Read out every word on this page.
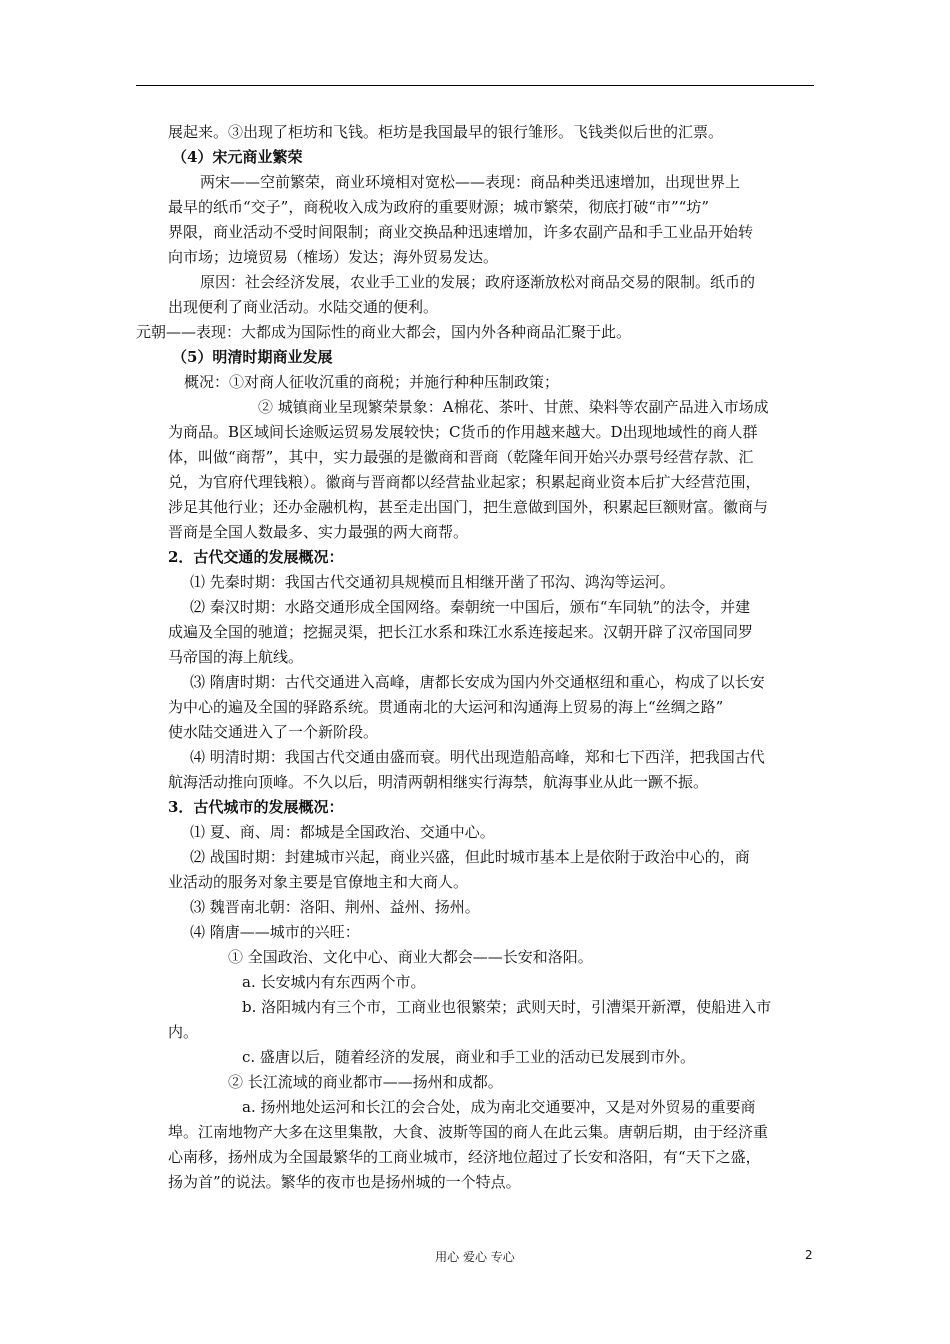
展起来。③出现了柜坊和飞钱。柜坊是我国最早的银行雏形。飞钱类似后世的汇票。
（4）宋元商业繁荣
两宋——空前繁荣，商业环境相对宽松——表现：商品种类迅速增加，出现世界上
最早的纸币“交子”，商税收入成为政府的重要财源；城市繁荣，彻底打破“市”“坊”
界限，商业活动不受时间限制；商业交换品种迅速增加，许多农副产品和手工业品开始转
向市场；边境贸易（榷场）发达；海外贸易发达。
原因：社会经济发展，农业手工业的发展；政府逐渐放松对商品交易的限制。纸币的
出现便利了商业活动。水陆交通的便利。
元朝——表现：大都成为国际性的商业大都会，国内外各种商品汇聚于此。
（5）明清时期商业发展
概况：①对商人征收沉重的商税；并施行种种压制政策；
② 城镇商业呈现繁荣景象：A棉花、茶叶、甘蔗、染料等农副产品进入市场成
为商品。B区域间长途贩运贸易发展较快；C货币的作用越来越大。D出现地域性的商人群
体，叫做“商帮”，其中，实力最强的是徽商和晋商（乾隆年间开始兴办票号经营存款、汇
兑，为官府代理钱粮）。徽商与晋商都以经营盐业起家；积累起商业资本后扩大经营范围，
涉足其他行业；还办金融机构，甚至走出国门，把生意做到国外，积累起巨额财富。徽商与
晋商是全国人数最多、实力最强的两大商帮。
2．古代交通的发展概况：
⑴ 先秦时期：我国古代交通初具规模而且相继开凿了邗沟、鸿沟等运河。
⑵ 秦汉时期：水路交通形成全国网络。秦朝统一中国后，颁布“车同轨”的法令，并建
成遍及全国的驰道；挖掘灵渠，把长江水系和珠江水系连接起来。汉朝开辟了汉帝国同罗
马帝国的海上航线。
⑶ 隋唐时期：古代交通进入高峰，唐都长安成为国内外交通枢纽和重心，构成了以长安
为中心的遍及全国的驿路系统。贯通南北的大运河和沟通海上贸易的海上“丝绸之路”
使水陆交通进入了一个新阶段。
⑷ 明清时期：我国古代交通由盛而衰。明代出现造船高峰，郑和七下西洋，把我国古代
航海活动推向顶峰。不久以后，明清两朝相继实行海禁，航海事业从此一蹶不振。
3．古代城市的发展概况：
⑴ 夏、商、周：都城是全国政治、交通中心。
⑵ 战国时期：封建城市兴起，商业兴盛，但此时城市基本上是依附于政治中心的，商
业活动的服务对象主要是官僚地主和大商人。
⑶ 魏晋南北朝：洛阳、荆州、益州、扬州。
⑷ 隋唐——城市的兴旺：
① 全国政治、文化中心、商业大都会——长安和洛阳。
a. 长安城内有东西两个市。
b. 洛阳城内有三个市，工商业也很繁荣；武则天时，引漕渠开新潭，使船进入市
内。
c. 盛唐以后，随着经济的发展，商业和手工业的活动已发展到市外。
② 长江流域的商业都市——扬州和成都。
a. 扬州地处运河和长江的会合处，成为南北交通要冲，又是对外贸易的重要商
埠。江南地物产大多在这里集散，大食、波斯等国的商人在此云集。唐朝后期，由于经济重
心南移，扬州成为全国最繁华的工商业城市，经济地位超过了长安和洛阳，有“天下之盛，
扬为首”的说法。繁华的夜市也是扬州城的一个特点。
用心 爱心 专心	2
